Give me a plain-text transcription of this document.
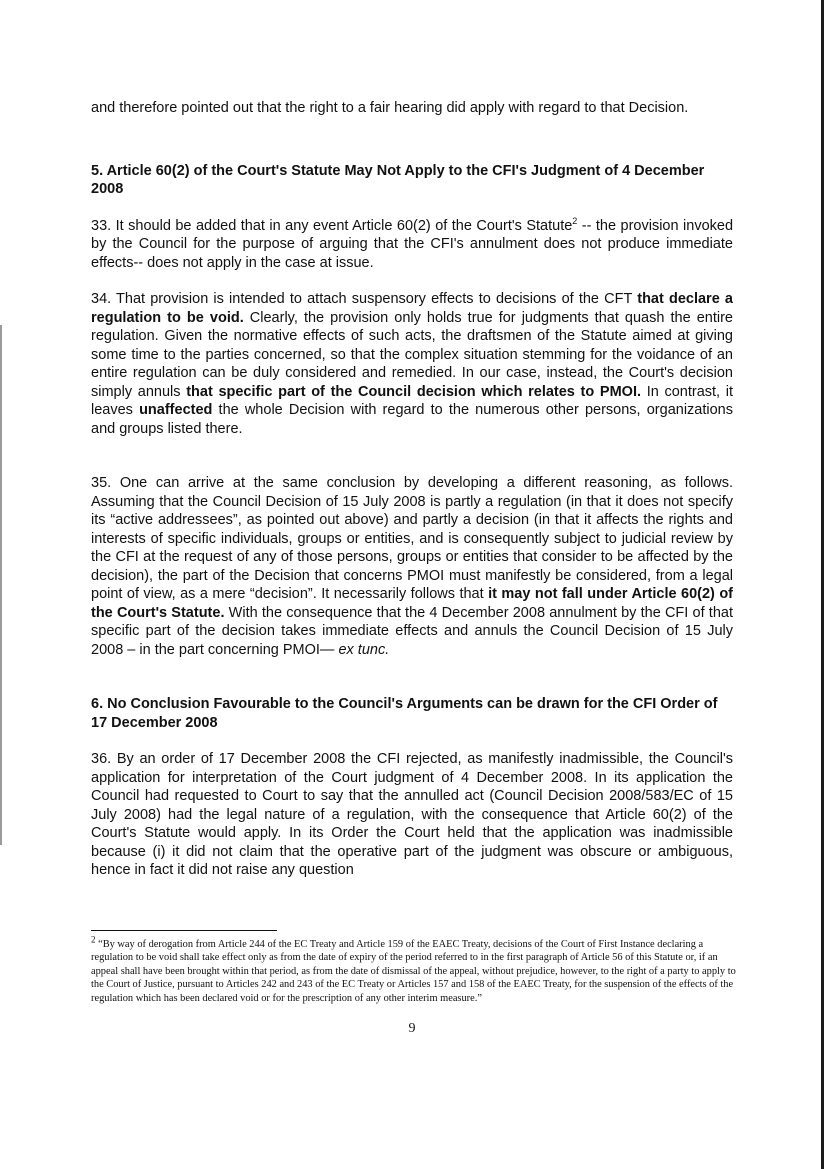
and therefore pointed out that the right to a fair hearing did apply with regard to that Decision.

5. Article 60(2) of the Court's Statute May Not Apply to the CFI's Judgment of 4 December 2008

33. It should be added that in any event Article 60(2) of the Court's Statute$^2$ -- the provision invoked by the Council for the purpose of arguing that the CFI's annulment does not produce immediate effects-- does not apply in the case at issue.

34. That provision is intended to attach suspensory effects to decisions of the CFT that declare a regulation to be void. Clearly, the provision only holds true for judgments that quash the entire regulation. Given the normative effects of such acts, the draftsmen of the Statute aimed at giving some time to the parties concerned, so that the complex situation stemming for the voidance of an entire regulation can be duly considered and remedied. In our case, instead, the Court's decision simply annuls that specific part of the Council decision which relates to PMOI. In contrast, it leaves unaffected the whole Decision with regard to the numerous other persons, organizations and groups listed there.

35. One can arrive at the same conclusion by developing a different reasoning, as follows. Assuming that the Council Decision of 15 July 2008 is partly a regulation (in that it does not specify its “active addressees”, as pointed out above) and partly a decision (in that it affects the rights and interests of specific individuals, groups or entities, and is consequently subject to judicial review by the CFI at the request of any of those persons, groups or entities that consider to be affected by the decision), the part of the Decision that concerns PMOI must manifestly be considered, from a legal point of view, as a mere “decision”. It necessarily follows that it may not fall under Article 60(2) of the Court's Statute. With the consequence that the 4 December 2008 annulment by the CFI of that specific part of the decision takes immediate effects and annuls the Council Decision of 15 July 2008 – in the part concerning PMOI— ex tunc.

6. No Conclusion Favourable to the Council's Arguments can be drawn for the CFI Order of 17 December 2008

36. By an order of 17 December 2008 the CFI rejected, as manifestly inadmissible, the Council's application for interpretation of the Court judgment of 4 December 2008. In its application the Council had requested to Court to say that the annulled act (Council Decision 2008/583/EC of 15 July 2008) had the legal nature of a regulation, with the consequence that Article 60(2) of the Court's Statute would apply. In its Order the Court held that the application was inadmissible because (i) it did not claim that the operative part of the judgment was obscure or ambiguous, hence in fact it did not raise any question

$^2$ “By way of derogation from Article 244 of the EC Treaty and Article 159 of the EAEC Treaty, decisions of the Court of First Instance declaring a regulation to be void shall take effect only as from the date of expiry of the period referred to in the first paragraph of Article 56 of this Statute or, if an appeal shall have been brought within that period, as from the date of dismissal of the appeal, without prejudice, however, to the right of a party to apply to the Court of Justice, pursuant to Articles 242 and 243 of the EC Treaty or Articles 157 and 158 of the EAEC Treaty, for the suspension of the effects of the regulation which has been declared void or for the prescription of any other interim measure.”
9
